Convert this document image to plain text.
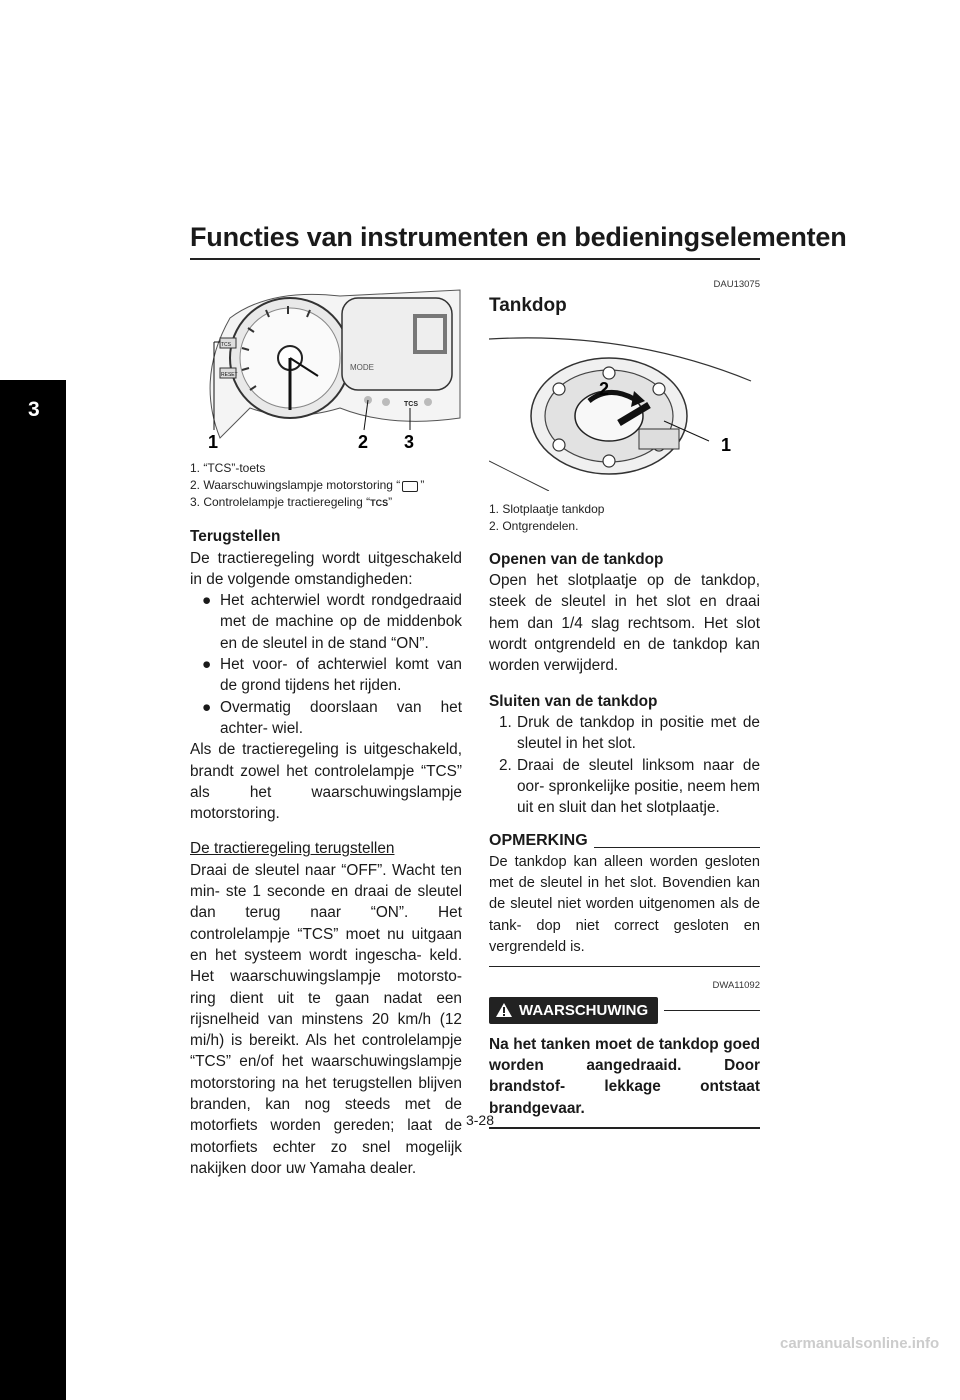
Functies van instrumenten en bedieningselementen
3
MODE
TCS
TCS
RESET
1	2 3
1. “TCS”-toets
2. Waarschuwingslampje motorstoring “ ”
3. Controlelampje tractieregeling “TCS”

Terugstellen

De tractieregeling wordt uitgeschakeld in de volgende omstandigheden:

● Het achterwiel wordt rondgedraaid met de machine op de middenbok en de sleutel in de stand “ON”.
● Het voor- of achterwiel komt van de grond tijdens het rijden.
● Overmatig doorslaan van het achter- wiel.

Als de tractieregeling is uitgeschakeld, brandt zowel het controlelampje “TCS” als het waarschuwingslampje motorstoring.

De tractieregeling terugstellen

Draai de sleutel naar “OFF”. Wacht ten min- ste 1 seconde en draai de sleutel dan terug naar “ON”. Het controlelampje “TCS” moet nu uitgaan en het systeem wordt ingescha- keld. Het waarschuwingslampje motorsto- ring dient uit te gaan nadat een rijsnelheid van minstens 20 km/h (12 mi/h) is bereikt. Als het controlelampje “TCS” en/of het waarschuwingslampje motorstoring na het terugstellen blijven branden, kan nog steeds met de motorfiets worden gereden; laat de motorfiets echter zo snel mogelijk nakijken door uw Yamaha dealer.

DAU13075
Tankdop
2
1
1. Slotplaatje tankdop
2. Ontgrendelen.

Openen van de tankdop

Open het slotplaatje op de tankdop, steek de sleutel in het slot en draai hem dan 1/4 slag rechtsom. Het slot wordt ontgrendeld en de tankdop kan worden verwijderd.

Sluiten van de tankdop

1. Druk de tankdop in positie met de sleutel in het slot.
2. Draai de sleutel linksom naar de oor- spronkelijke positie, neem hem uit en sluit dan het slotplaatje.
OPMERKING

De tankdop kan alleen worden gesloten met de sleutel in het slot. Bovendien kan de sleutel niet worden uitgenomen als de tank- dop niet correct gesloten en vergrendeld is.

DWA11092
WAARSCHUWING

Na het tanken moet de tankdop goed worden aangedraaid. Door brandstof- lekkage ontstaat brandgevaar.

3-28
carmanualsonline.info
